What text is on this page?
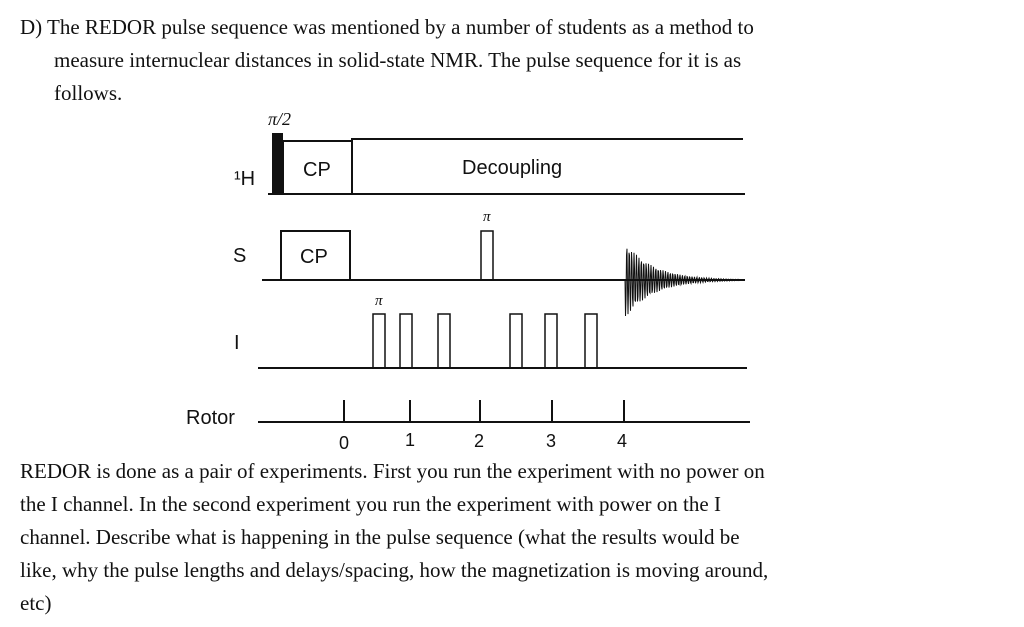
D) The REDOR pulse sequence was mentioned by a number of students as a method to
measure internuclear distances in solid-state NMR. The pulse sequence for it is as
follows.

π/2
¹H CP	Decoupling
π
S	CP
π
I
Rotor
0	1	2	3	4

REDOR is done as a pair of experiments. First you run the experiment with no power on
the I channel. In the second experiment you run the experiment with power on the I
channel. Describe what is happening in the pulse sequence (what the results would be
like, why the pulse lengths and delays/spacing, how the magnetization is moving around,
etc)
